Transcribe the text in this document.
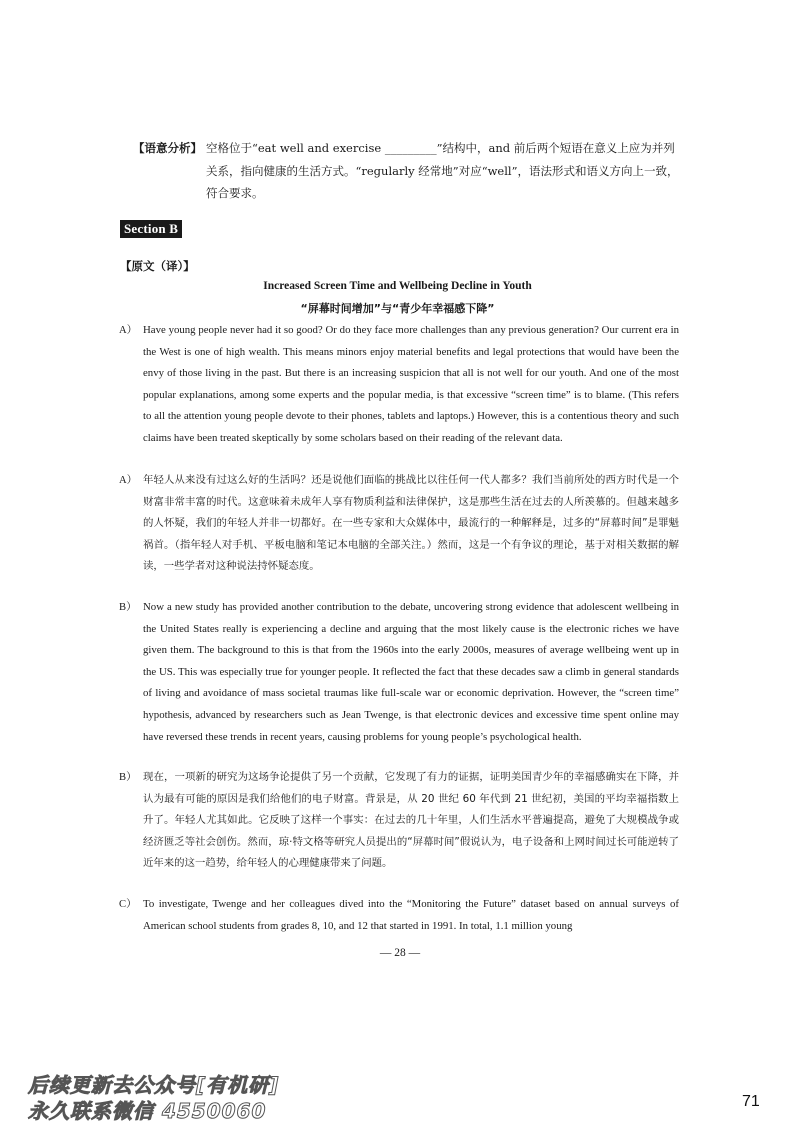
【语意分析】 空格位于“eat well and exercise _________”结构中，and 前后两个短语在意义上应为并列关系，指向健康的生活方式。“regularly 经常地”对应“well”，语法形式和语义方向上一致，符合要求。
Section B
【原文（译）】
Increased Screen Time and Wellbeing Decline in Youth
“屏幕时间增加”与“青少年幸福感下降”
A） Have young people never had it so good? Or do they face more challenges than any previous generation? Our current era in the West is one of high wealth. This means minors enjoy material benefits and legal protections that would have been the envy of those living in the past. But there is an increasing suspicion that all is not well for our youth. And one of the most popular explanations, among some experts and the popular media, is that excessive “screen time” is to blame. (This refers to all the attention young people devote to their phones, tablets and laptops.) However, this is a contentious theory and such claims have been treated skeptically by some scholars based on their reading of the relevant data.
A） 年轻人从来没有过这么好的生活吗？还是说他们面临的挑战比以往任何一代人都多？我们当前所处的西方时代是一个财富非常丰富的时代。这意味着未成年人享有物质利益和法律保护，这是那些生活在过去的人所羡慕的。但越来越多的人怀疑，我们的年轻人并非一切都好。在一些专家和大众媒体中，最流行的一种解释是，过多的“屏幕时间”是罪魁祸首。（指年轻人对手机、平板电脑和笔记本电脑的全部关注。）然而，这是一个有争议的理论，基于对相关数据的解读，一些学者对这种说法持怀疑态度。
B） Now a new study has provided another contribution to the debate, uncovering strong evidence that adolescent wellbeing in the United States really is experiencing a decline and arguing that the most likely cause is the electronic riches we have given them. The background to this is that from the 1960s into the early 2000s, measures of average wellbeing went up in the US. This was especially true for younger people. It reflected the fact that these decades saw a climb in general standards of living and avoidance of mass societal traumas like full-scale war or economic deprivation. However, the “screen time” hypothesis, advanced by researchers such as Jean Twenge, is that electronic devices and excessive time spent online may have reversed these trends in recent years, causing problems for young people’s psychological health.
B） 现在，一项新的研究为这场争论提供了另一个贡献，它发现了有力的证据，证明美国青少年的幸福感确实在下降，并认为最有可能的原因是我们给他们的电子财富。背景是，从 20 世纪 60 年代到 21 世纪初，美国的平均幸福指数上升了。年轻人尤其如此。它反映了这样一个事实：在过去的几十年里，人们生活水平普遍提高，避免了大规模战争或经济匮乏等社会创伤。然而，琼·特文格等研究人员提出的“屏幕时间”假说认为，电子设备和上网时间过长可能逆转了近年来的这一趋势，给年轻人的心理健康带来了问题。
C） To investigate, Twenge and her colleagues dived into the “Monitoring the Future” dataset based on annual surveys of American school students from grades 8, 10, and 12 that started in 1991. In total, 1.1 million young
— 28 —
后续更新去公众号[有机研]
永久联系微信 4550060	71
